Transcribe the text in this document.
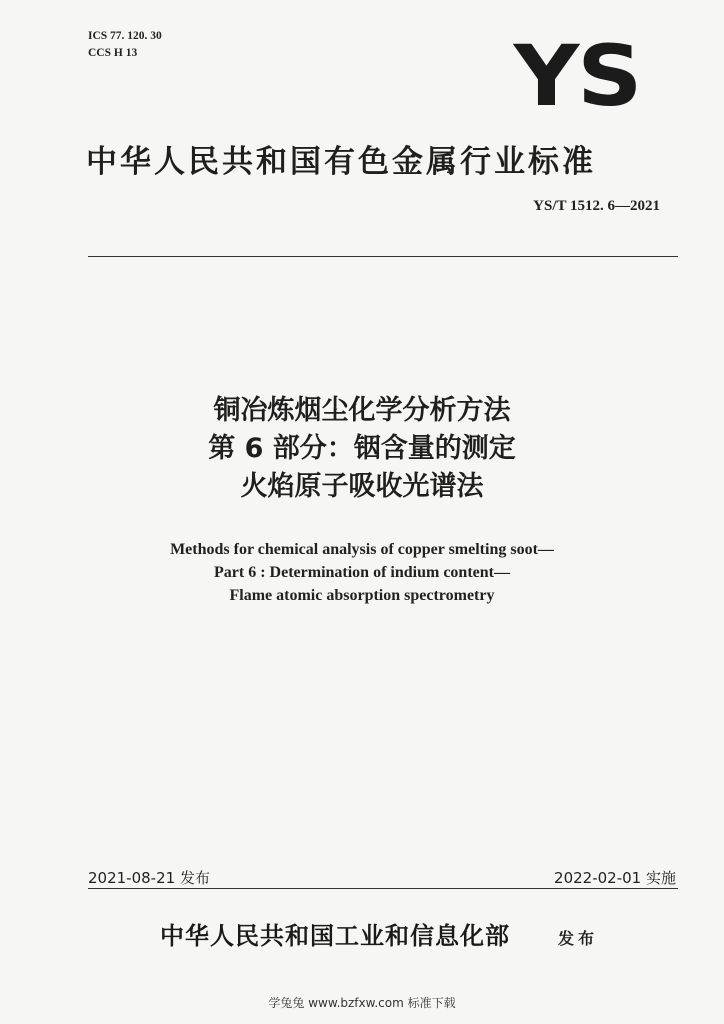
ICS 77. 120. 30
CCS H 13	YS
中华人民共和国有色金属行业标准
YS/T 1512. 6—2021
铜冶炼烟尘化学分析方法
第 6 部分：铟含量的测定
火焰原子吸收光谱法
Methods for chemical analysis of copper smelting soot—
Part 6 : Determination of indium content—
Flame atomic absorption spectrometry
2021-08-21 发布	2022-02-01 实施
中华人民共和国工业和信息化部	发布
学兔兔 www.bzfxw.com 标准下载
